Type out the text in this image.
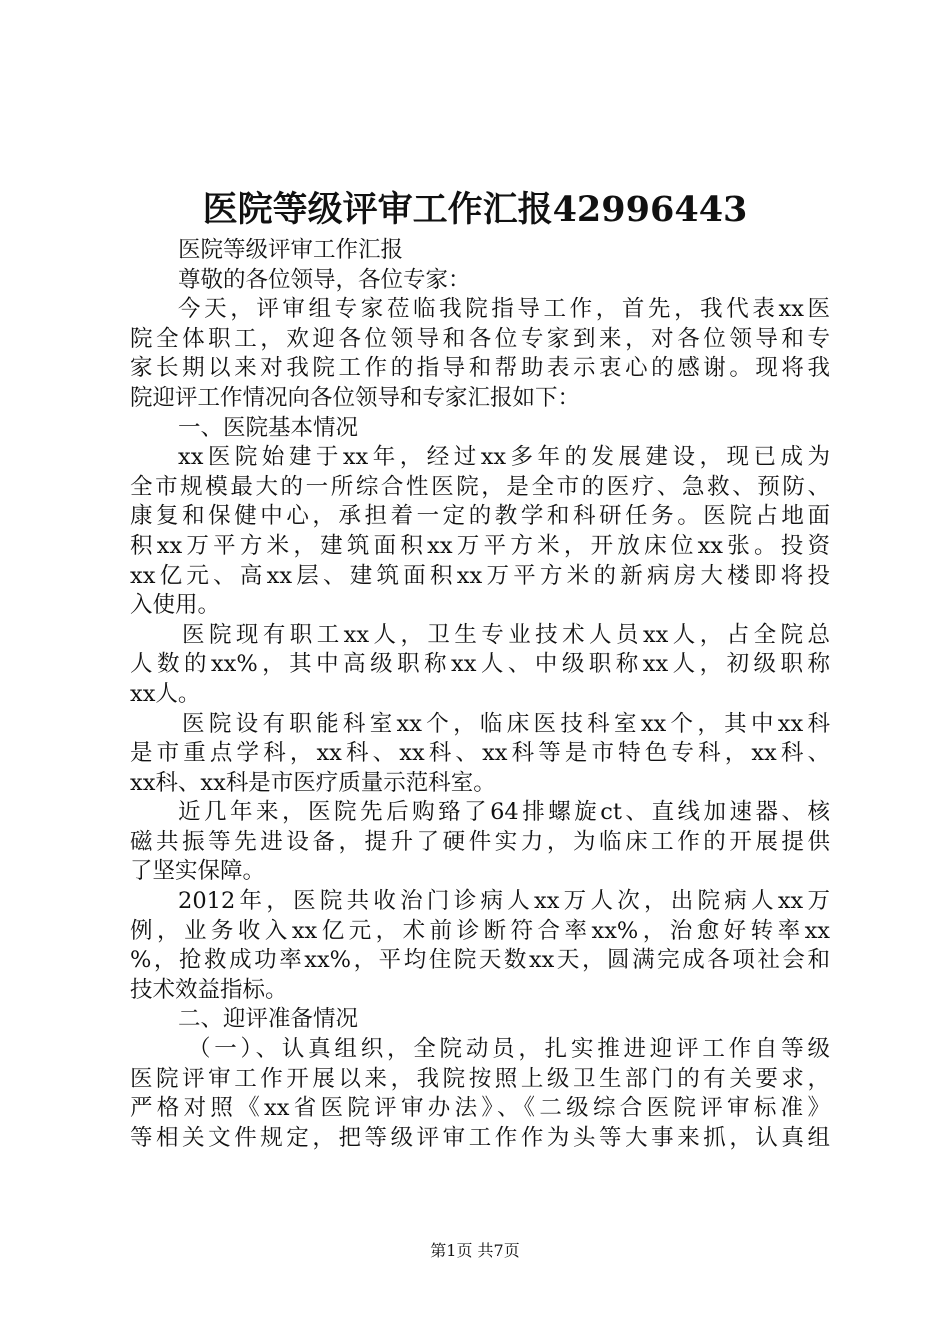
医院等级评审工作汇报42996443
医院等级评审工作汇报
尊敬的各位领导，各位专家：
今天，评审组专家莅临我院指导工作，首先，我代表xx医
院全体职工，欢迎各位领导和各位专家到来，对各位领导和专
家长期以来对我院工作的指导和帮助表示衷心的感谢。现将我
院迎评工作情况向各位领导和专家汇报如下：
一、医院基本情况
xx医院始建于xx年，经过xx多年的发展建设，现已成为
全市规模最大的一所综合性医院，是全市的医疗、急救、预防、
康复和保健中心，承担着一定的教学和科研任务。医院占地面
积xx万平方米，建筑面积xx万平方米，开放床位xx张。投资
xx亿元、高xx层、建筑面积xx万平方米的新病房大楼即将投
入使用。
医院现有职工xx人，卫生专业技术人员xx人，占全院总
人数的xx%，其中高级职称xx人、中级职称xx人，初级职称
xx人。
医院设有职能科室xx个，临床医技科室xx个，其中xx科
是市重点学科，xx科、xx科、xx科等是市特色专科，xx科、
xx科、xx科是市医疗质量示范科室。
近几年来，医院先后购臵了64排螺旋ct、直线加速器、核
磁共振等先进设备，提升了硬件实力，为临床工作的开展提供
了坚实保障。
2012年，医院共收治门诊病人xx万人次，出院病人xx万
例，业务收入xx亿元，术前诊断符合率xx%，治愈好转率xx
%，抢救成功率xx%，平均住院天数xx天，圆满完成各项社会和
技术效益指标。
二、迎评准备情况
（一）、认真组织，全院动员，扎实推进迎评工作自等级
医院评审工作开展以来，我院按照上级卫生部门的有关要求，
严格对照《xx省医院评审办法》、《二级综合医院评审标准》
等相关文件规定，把等级评审工作作为头等大事来抓，认真组
第1页 共7页
